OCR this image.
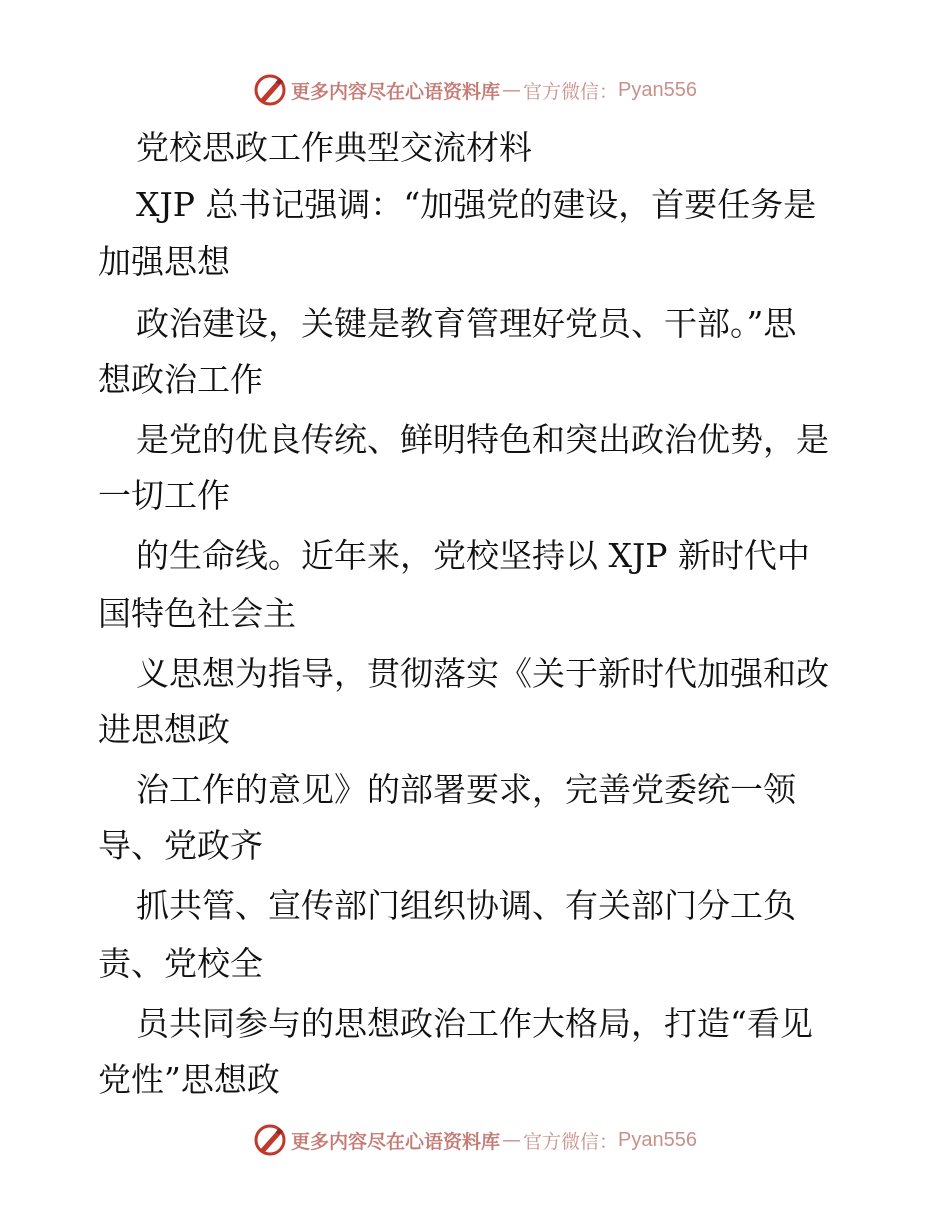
更多内容尽在心语资料库 — 官方微信： Pyan556
党校思政工作典型交流材料
XJP 总书记强调：“加强党的建设，首要任务是
加强思想
政治建设，关键是教育管理好党员、干部。”思
想政治工作
是党的优良传统、鲜明特色和突出政治优势，是
一切工作
的生命线。近年来，党校坚持以 XJP 新时代中
国特色社会主
义思想为指导，贯彻落实《关于新时代加强和改
进思想政
治工作的意见》的部署要求，完善党委统一领
导、党政齐
抓共管、宣传部门组织协调、有关部门分工负
责、党校全
员共同参与的思想政治工作大格局，打造“看见
党性”思想政
更多内容尽在心语资料库 — 官方微信： Pyan556
